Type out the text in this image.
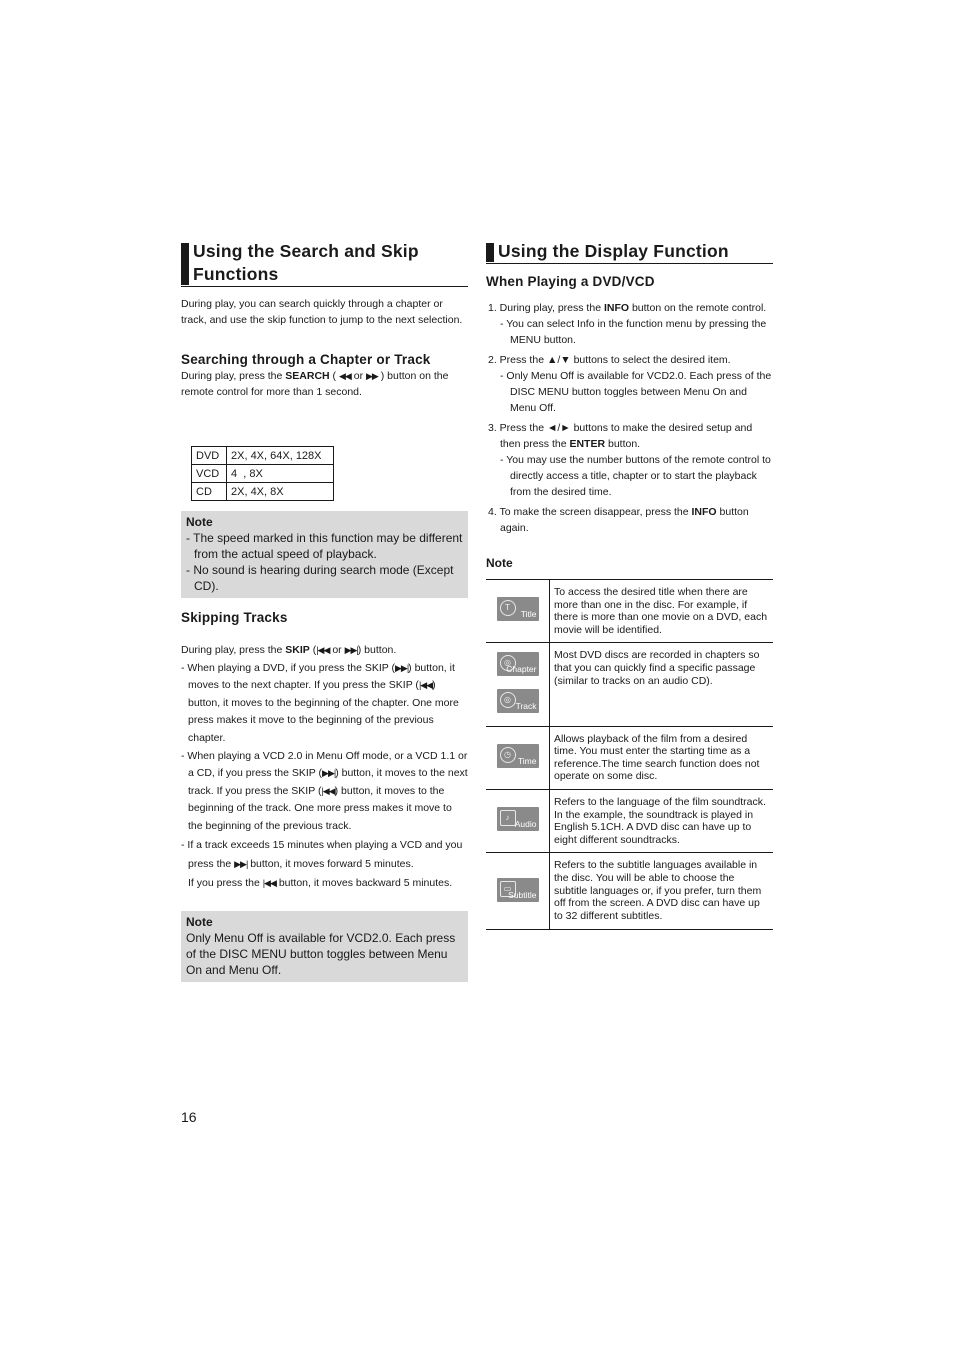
Using the Search and Skip Functions

During play, you can search quickly through a chapter or track, and use the skip function to jump to the next selection.

Searching through a Chapter or Track

During play, press the SEARCH ( ◀◀ or ▶▶ ) button on the remote control for more than 1 second.

DVD	2X, 4X, 64X, 128X
VCD	4  , 8X
CD	2X, 4X, 8X
Note
- The speed marked in this function may be different from the actual speed of playback.
- No sound is hearing during search mode (Except CD).
Skipping Tracks

During play, press the SKIP (|◀◀ or ▶▶|) button.

- When playing a DVD, if you press the SKIP (▶▶|) button, it moves to the next chapter. If you press the SKIP (|◀◀) button, it moves to the beginning of the chapter. One more press makes it move to the beginning of the previous chapter.

- When playing a VCD 2.0 in Menu Off mode, or a VCD 1.1 or a CD, if you press the SKIP (▶▶|) button, it moves to the next track. If you press the SKIP (|◀◀) button, it moves to the beginning of the track. One more press makes it move to the beginning of the previous track.

- If a track exceeds 15 minutes when playing a VCD and you press the ▶▶| button, it moves forward 5 minutes.
If you press the |◀◀ button, it moves backward 5 minutes.

Note
Only Menu Off is available for VCD2.0. Each press of the DISC MENU button toggles between Menu On and Menu Off.
Using the Display Function
When Playing a DVD/VCD
1. During play, press the INFO button on the remote control.
- You can select Info in the function menu by pressing the MENU button.
2. Press the ▲/▼ buttons to select the desired item.
- Only Menu Off is available for VCD2.0. Each press of the DISC MENU button toggles between Menu On and Menu Off.
3. Press the ◄/► buttons to make the desired setup and then press the ENTER button.
- You may use the number buttons of the remote control to directly access a title, chapter or to start the playback from the desired time.
4. To make the screen disappear, press the INFO button again.
Note
T
Title	To access the desired title when there are more than one in the disc. For example, if there is more than one movie on a DVD, each movie will be identified.

◎
Chapter

◎
Track	Most DVD discs are recorded in chapters so that you can quickly find a specific passage (similar to tracks on an audio CD).

◷
Time	Allows playback of the film from a desired time. You must enter the starting time as a reference.The time search function does not operate on some disc.

♪
Audio	Refers to the language of the film soundtrack. In the example, the soundtrack is played in English 5.1CH. A DVD disc can have up to eight different soundtracks.

▭
Subtitle	Refers to the subtitle languages available in the disc. You will be able to choose the subtitle languages or, if you prefer, turn them off from the screen. A DVD disc can have up to 32 different subtitles.
16
